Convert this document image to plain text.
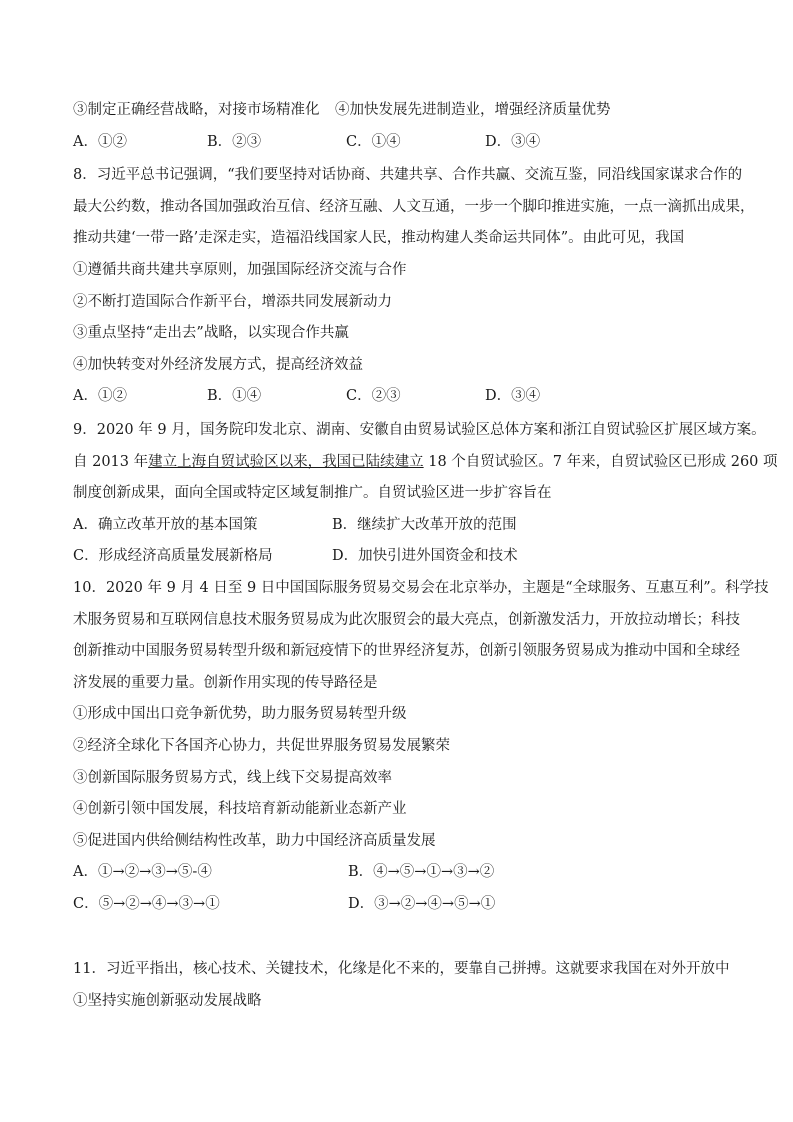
③制定正确经营战略，对接市场精准化 ④加快发展先进制造业，增强经济质量优势
A．①②	B．②③	C．①④	D．③④
8．习近平总书记强调，“我们要坚持对话协商、共建共享、合作共赢、交流互鉴，同沿线国家谋求合作的
最大公约数，推动各国加强政治互信、经济互融、人文互通，一步一个脚印推进实施，一点一滴抓出成果，
推动共建‘一带一路’走深走实，造福沿线国家人民，推动构建人类命运共同体”。由此可见，我国
①遵循共商共建共享原则，加强国际经济交流与合作
②不断打造国际合作新平台，增添共同发展新动力
③重点坚持“走出去”战略，以实现合作共赢
④加快转变对外经济发展方式，提高经济效益
A．①②	B．①④	C．②③	D．③④
9．2020 年 9 月，国务院印发北京、湖南、安徽自由贸易试验区总体方案和浙江自贸试验区扩展区域方案。
自 2013 年建立上海自贸试验区以来，我国已陆续建立 18 个自贸试验区。7 年来，自贸试验区已形成 260 项
制度创新成果，面向全国或特定区域复制推广。自贸试验区进一步扩容旨在
A．确立改革开放的基本国策	B．继续扩大改革开放的范围
C．形成经济高质量发展新格局	D．加快引进外国资金和技术
10．2020 年 9 月 4 日至 9 日中国国际服务贸易交易会在北京举办，主题是“全球服务、互惠互利”。科学技
术服务贸易和互联网信息技术服务贸易成为此次服贸会的最大亮点，创新激发活力，开放拉动增长；科技
创新推动中国服务贸易转型升级和新冠疫情下的世界经济复苏，创新引领服务贸易成为推动中国和全球经
济发展的重要力量。创新作用实现的传导路径是
①形成中国出口竞争新优势，助力服务贸易转型升级
②经济全球化下各国齐心协力，共促世界服务贸易发展繁荣
③创新国际服务贸易方式，线上线下交易提高效率
④创新引领中国发展，科技培育新动能新业态新产业
⑤促进国内供给侧结构性改革，助力中国经济高质量发展
A．①→②→③→⑤-④	B．④→⑤→①→③→②
C．⑤→②→④→③→①	D．③→②→④→⑤→①
11．习近平指出，核心技术、关键技术，化缘是化不来的，要靠自己拼搏。这就要求我国在对外开放中
①坚持实施创新驱动发展战略
